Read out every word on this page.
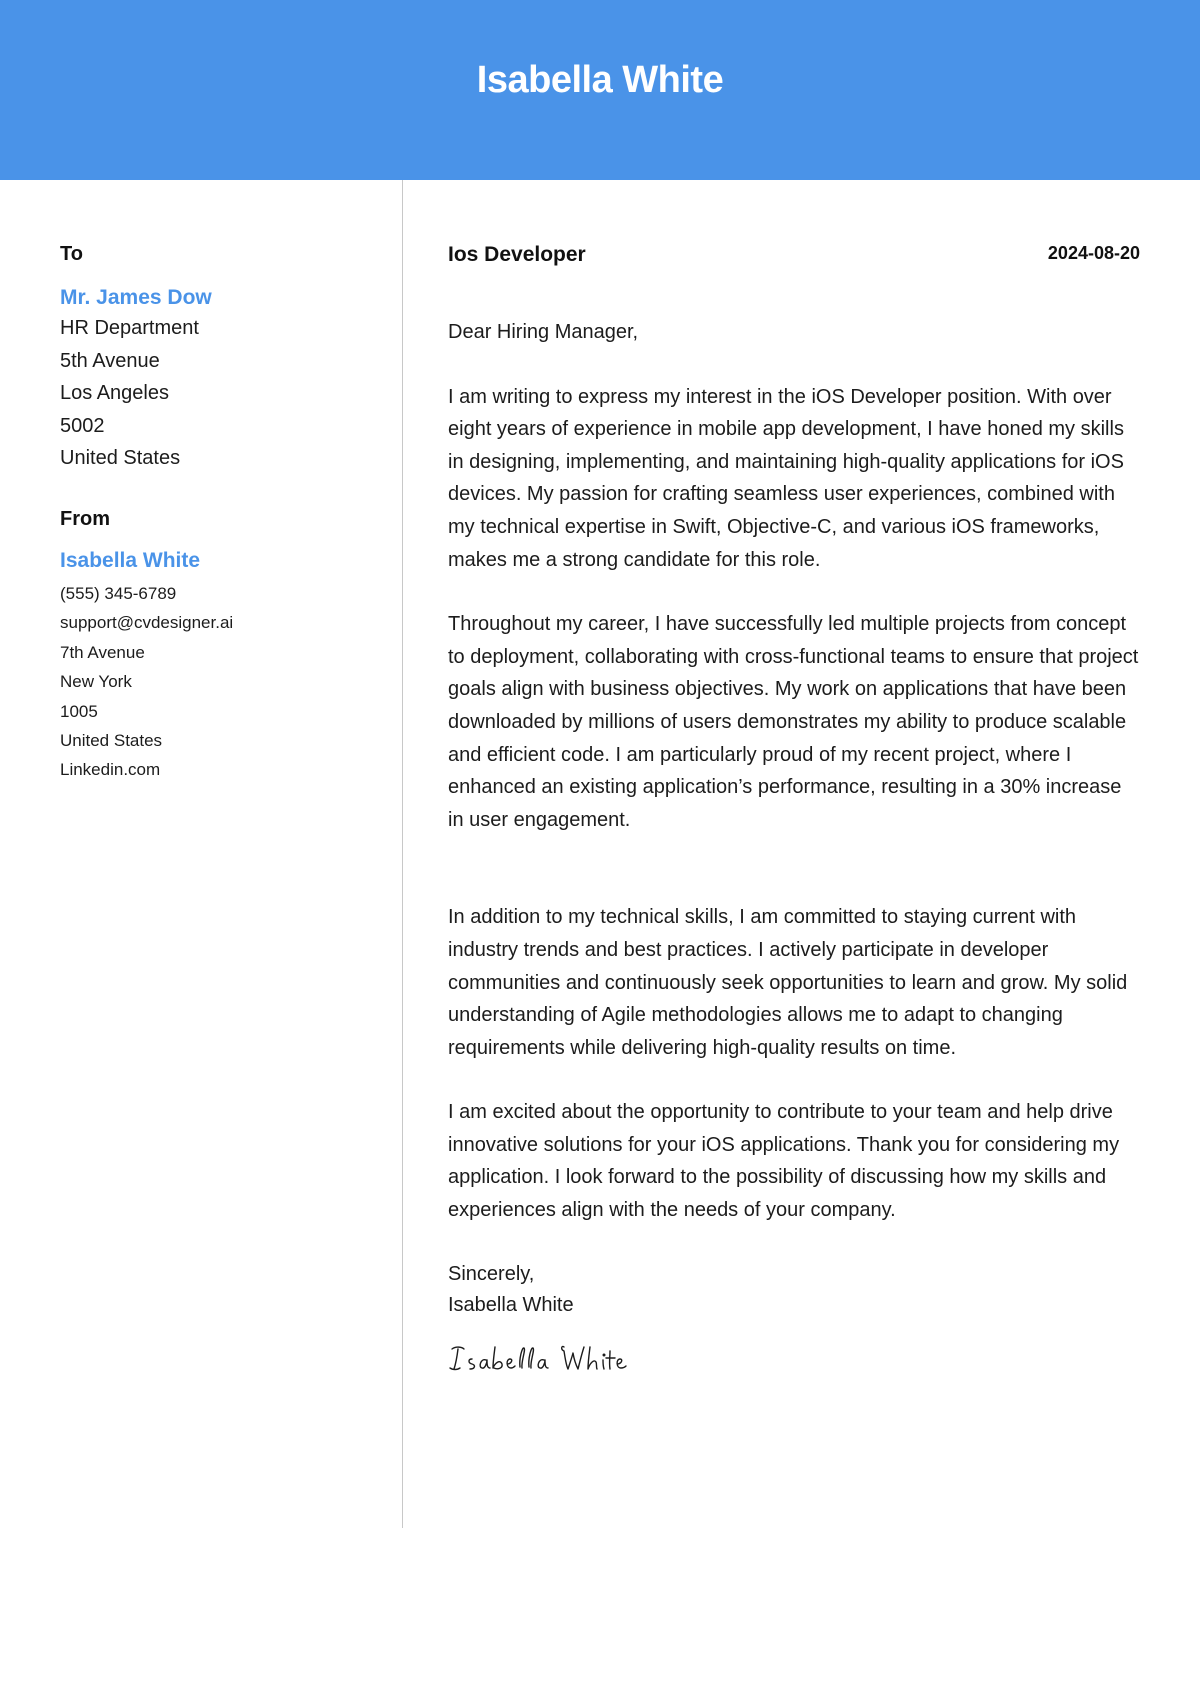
Isabella White

To

Mr. James Dow

HR Department
5th Avenue
Los Angeles
5002
United States

From

Isabella White

(555) 345-6789
support@cvdesigner.ai
7th Avenue
New York
1005
United States
Linkedin.com
Ios Developer	2024-08-20

Dear Hiring Manager,

I am writing to express my interest in the iOS Developer position. With over eight years of experience in mobile app development, I have honed my skills in designing, implementing, and maintaining high-quality applications for iOS devices. My passion for crafting seamless user experiences, combined with my technical expertise in Swift, Objective-C, and various iOS frameworks, makes me a strong candidate for this role.

Throughout my career, I have successfully led multiple projects from concept to deployment, collaborating with cross-functional teams to ensure that project goals align with business objectives. My work on applications that have been downloaded by millions of users demonstrates my ability to produce scalable and efficient code. I am particularly proud of my recent project, where I enhanced an existing application’s performance, resulting in a 30% increase in user engagement.

In addition to my technical skills, I am committed to staying current with industry trends and best practices. I actively participate in developer communities and continuously seek opportunities to learn and grow. My solid understanding of Agile methodologies allows me to adapt to changing requirements while delivering high-quality results on time.

I am excited about the opportunity to contribute to your team and help drive innovative solutions for your iOS applications. Thank you for considering my application. I look forward to the possibility of discussing how my skills and experiences align with the needs of your company.

Sincerely,
Isabella White
